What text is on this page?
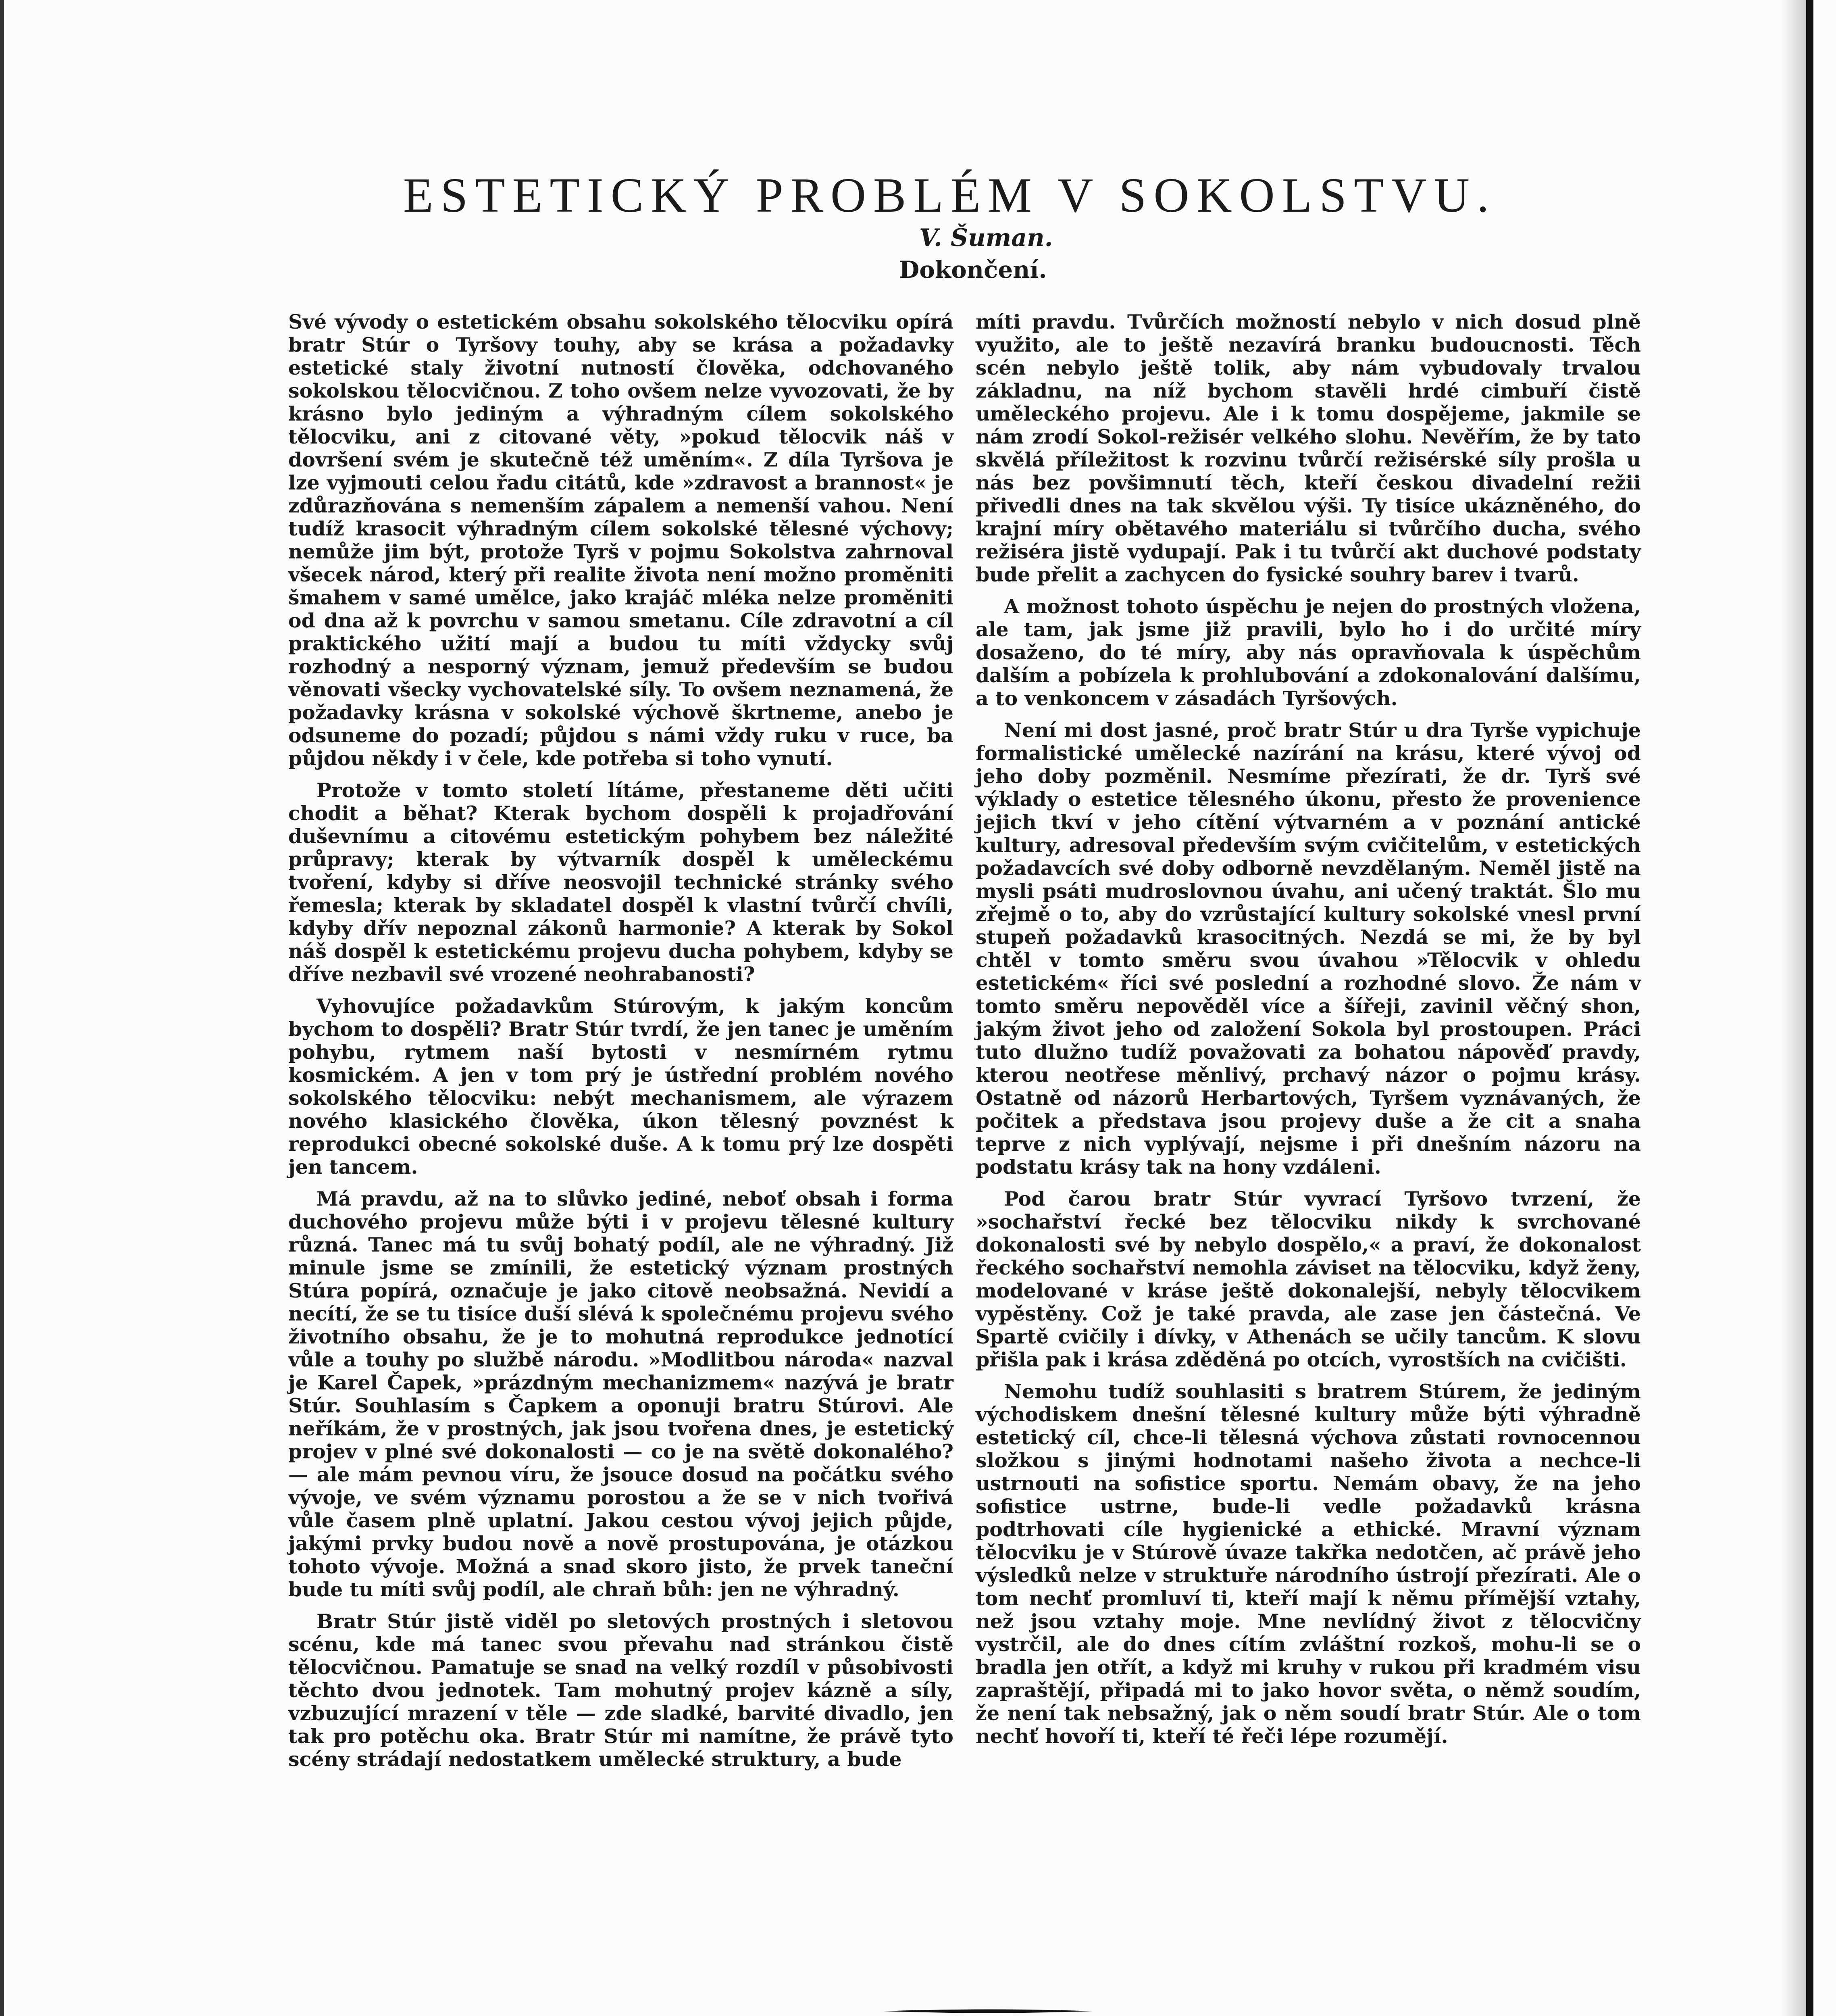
ESTETICKÝ PROBLÉM V SOKOLSTVU.

V. Šuman.

Dokončení.

Své vývody o estetickém obsahu sokolského tělocviku opírá bratr Stúr o Tyršovy touhy, aby se krása a požadavky estetické staly životní nutností člověka, odchovaného sokolskou tělocvičnou. Z toho ovšem nelze vyvozovati, že by krásno bylo jediným a výhradným cílem sokolského tělocviku, ani z citované věty, »pokud tělocvik náš v dovršení svém je skutečně též uměním«. Z díla Tyršova je lze vyjmouti celou řadu citátů, kde »zdravost a brannost« je zdůrazňována s nemenším zápalem a nemenší vahou. Není tudíž krasocit výhradným cílem sokolské tělesné výchovy; nemůže jim být, protože Tyrš v pojmu Sokolstva zahrnoval všecek národ, který při realite života není možno proměniti šmahem v samé umělce, jako krajáč mléka nelze proměniti od dna až k povrchu v samou smetanu. Cíle zdravotní a cíl praktického užití mají a budou tu míti vždycky svůj rozhodný a nesporný význam, jemuž především se budou věnovati všecky vychovatelské síly. To ovšem neznamená, že požadavky krásna v sokolské výchově škrtneme, anebo je odsuneme do pozadí; půjdou s námi vždy ruku v ruce, ba půjdou někdy i v čele, kde potřeba si toho vynutí.

Protože v tomto století lítáme, přestaneme děti učiti chodit a běhat? Kterak bychom dospěli k projadřování duševnímu a citovému estetickým pohybem bez náležité průpravy; kterak by výtvarník dospěl k uměleckému tvoření, kdyby si dříve neosvojil technické stránky svého řemesla; kterak by skladatel dospěl k vlastní tvůrčí chvíli, kdyby dřív nepoznal zákonů harmonie? A kterak by Sokol náš dospěl k estetickému projevu ducha pohybem, kdyby se dříve nezbavil své vrozené neohrabanosti?

Vyhovujíce požadavkům Stúrovým, k jakým koncům bychom to dospěli? Bratr Stúr tvrdí, že jen tanec je uměním pohybu, rytmem naší bytosti v nesmírném rytmu kosmickém. A jen v tom prý je ústřední problém nového sokolského tělocviku: nebýt mechanismem, ale výrazem nového klasického člověka, úkon tělesný povznést k reprodukci obecné sokolské duše. A k tomu prý lze dospěti jen tancem.

Má pravdu, až na to slůvko jediné, neboť obsah i forma duchového projevu může býti i v projevu tělesné kultury různá. Tanec má tu svůj bohatý podíl, ale ne výhradný. Již minule jsme se zmínili, že estetický význam prostných Stúra popírá, označuje je jako citově neobsažná. Nevidí a necítí, že se tu tisíce duší slévá k společnému projevu svého životního obsahu, že je to mohutná reprodukce jednotící vůle a touhy po službě národu. »Modlitbou národa« nazval je Karel Čapek, »prázdným mechanizmem« nazývá je bratr Stúr. Souhlasím s Čapkem a oponuji bratru Stúrovi. Ale neříkám, že v prostných, jak jsou tvořena dnes, je estetický projev v plné své dokonalosti — co je na světě dokonalého? — ale mám pevnou víru, že jsouce dosud na počátku svého vývoje, ve svém významu porostou a že se v nich tvořivá vůle časem plně uplatní. Jakou cestou vývoj jejich půjde, jakými prvky budou nově a nově prostupována, je otázkou tohoto vývoje. Možná a snad skoro jisto, že prvek taneční bude tu míti svůj podíl, ale chraň bůh: jen ne výhradný.

Bratr Stúr jistě viděl po sletových prostných i sletovou scénu, kde má tanec svou převahu nad stránkou čistě tělocvičnou. Pamatuje se snad na velký rozdíl v působivosti těchto dvou jednotek. Tam mohutný projev kázně a síly, vzbuzující mrazení v těle — zde sladké, barvité divadlo, jen tak pro potěchu oka. Bratr Stúr mi namítne, že právě tyto scény strádají nedostatkem umělecké struktury, a bude

míti pravdu. Tvůrčích možností nebylo v nich dosud plně využito, ale to ještě nezavírá branku budoucnosti. Těch scén nebylo ještě tolik, aby nám vybudovaly trvalou základnu, na níž bychom stavěli hrdé cimbuří čistě uměleckého projevu. Ale i k tomu dospějeme, jakmile se nám zrodí Sokol-režisér velkého slohu. Nevěřím, že by tato skvělá příležitost k rozvinu tvůrčí režisérské síly prošla u nás bez povšimnutí těch, kteří českou divadelní režii přivedli dnes na tak skvělou výši. Ty tisíce ukázněného, do krajní míry obětavého materiálu si tvůrčího ducha, svého režiséra jistě vydupají. Pak i tu tvůrčí akt duchové podstaty bude přelit a zachycen do fysické souhry barev i tvarů.

A možnost tohoto úspěchu je nejen do prostných vložena, ale tam, jak jsme již pravili, bylo ho i do určité míry dosaženo, do té míry, aby nás opravňovala k úspěchům dalším a pobízela k prohlubování a zdokonalování dalšímu, a to venkoncem v zásadách Tyršových.

Není mi dost jasné, proč bratr Stúr u dra Tyrše vypichuje formalistické umělecké nazírání na krásu, které vývoj od jeho doby pozměnil. Nesmíme přezírati, že dr. Tyrš své výklady o estetice tělesného úkonu, přesto že provenience jejich tkví v jeho cítění výtvarném a v poznání antické kultury, adresoval především svým cvičitelům, v estetických požadavcích své doby odborně nevzdělaným. Neměl jistě na mysli psáti mudroslovnou úvahu, ani učený traktát. Šlo mu zřejmě o to, aby do vzrůstající kultury sokolské vnesl první stupeň požadavků krasocitných. Nezdá se mi, že by byl chtěl v tomto směru svou úvahou »Tělocvik v ohledu estetickém« říci své poslední a rozhodné slovo. Že nám v tomto směru nepověděl více a šířeji, zavinil věčný shon, jakým život jeho od založení Sokola byl prostoupen. Práci tuto dlužno tudíž považovati za bohatou nápověď pravdy, kterou neotřese měnlivý, prchavý názor o pojmu krásy. Ostatně od názorů Herbartových, Tyršem vyznávaných, že počitek a představa jsou projevy duše a že cit a snaha teprve z nich vyplývají, nejsme i při dnešním názoru na podstatu krásy tak na hony vzdáleni.

Pod čarou bratr Stúr vyvrací Tyršovo tvrzení, že »sochařství řecké bez tělocviku nikdy k svrchované dokonalosti své by nebylo dospělo,« a praví, že dokonalost řeckého sochařství nemohla záviset na tělocviku, když ženy, modelované v kráse ještě dokonalejší, nebyly tělocvikem vypěstěny. Což je také pravda, ale zase jen částečná. Ve Spartě cvičily i dívky, v Athenách se učily tancům. K slovu přišla pak i krása zděděná po otcích, vyrostších na cvičišti.

Nemohu tudíž souhlasiti s bratrem Stúrem, že jediným východiskem dnešní tělesné kultury může býti výhradně estetický cíl, chce-li tělesná výchova zůstati rovnocennou složkou s jinými hodnotami našeho života a nechce-li ustrnouti na sofistice sportu. Nemám obavy, že na jeho sofistice ustrne, bude-li vedle požadavků krásna podtrhovati cíle hygienické a ethické. Mravní význam tělocviku je v Stúrově úvaze takřka nedotčen, ač právě jeho výsledků nelze v struktuře národního ústrojí přezírati. Ale o tom nechť promluví ti, kteří mají k němu přímější vztahy, než jsou vztahy moje. Mne nevlídný život z tělocvičny vystrčil, ale do dnes cítím zvláštní rozkoš, mohu-li se o bradla jen otřít, a když mi kruhy v rukou při kradmém visu zapraštějí, připadá mi to jako hovor světa, o němž soudím, že není tak nebsažný, jak o něm soudí bratr Stúr. Ale o tom nechť hovoří ti, kteří té řeči lépe rozumějí.
